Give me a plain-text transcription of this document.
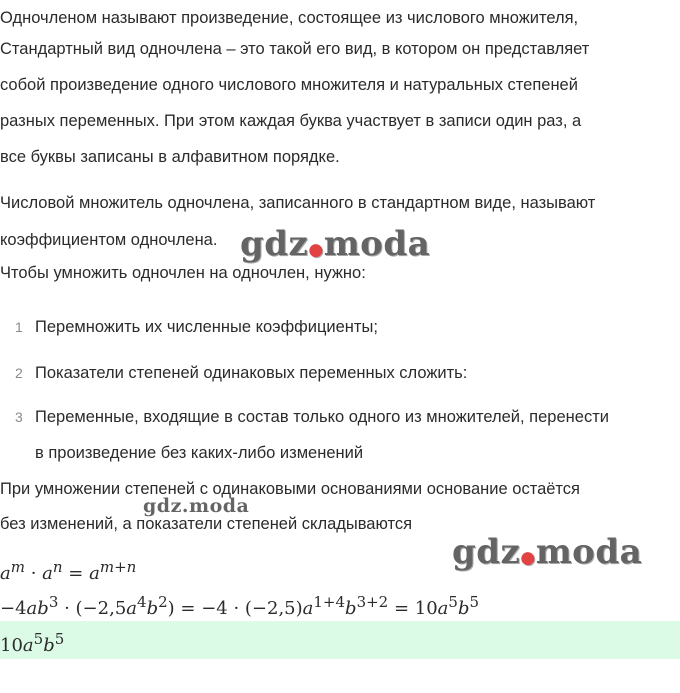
Одночленом называют произведение, состоящее из числового множителя,
Стандартный вид одночлена – это такой его вид, в котором он представляет
собой произведение одного числового множителя и натуральных степеней
разных переменных. При этом каждая буква участвует в записи один раз, а
все буквы записаны в алфавитном порядке.
Числовой множитель одночлена, записанного в стандартном виде, называют
коэффициентом одночлена.
Чтобы умножить одночлен на одночлен, нужно:
1 Перемножить их численные коэффициенты;
2 Показатели степеней одинаковых переменных сложить:
3 Переменные, входящие в состав только одного из множителей, перенести
в произведение без каких-либо изменений
При умножении степеней с одинаковыми основаниями основание остаётся
без изменений, а показатели степеней складываются
$a^m \cdot a^n = a^{m+n}$
$-4ab^3 \cdot (-2,5a^4b^2) = -4 \cdot (-2,5)a^{1+4}b^{3+2} = 10a^5b^5$
$10a^5b^5$
gdz●moda
gdz.moda
gdz●moda
